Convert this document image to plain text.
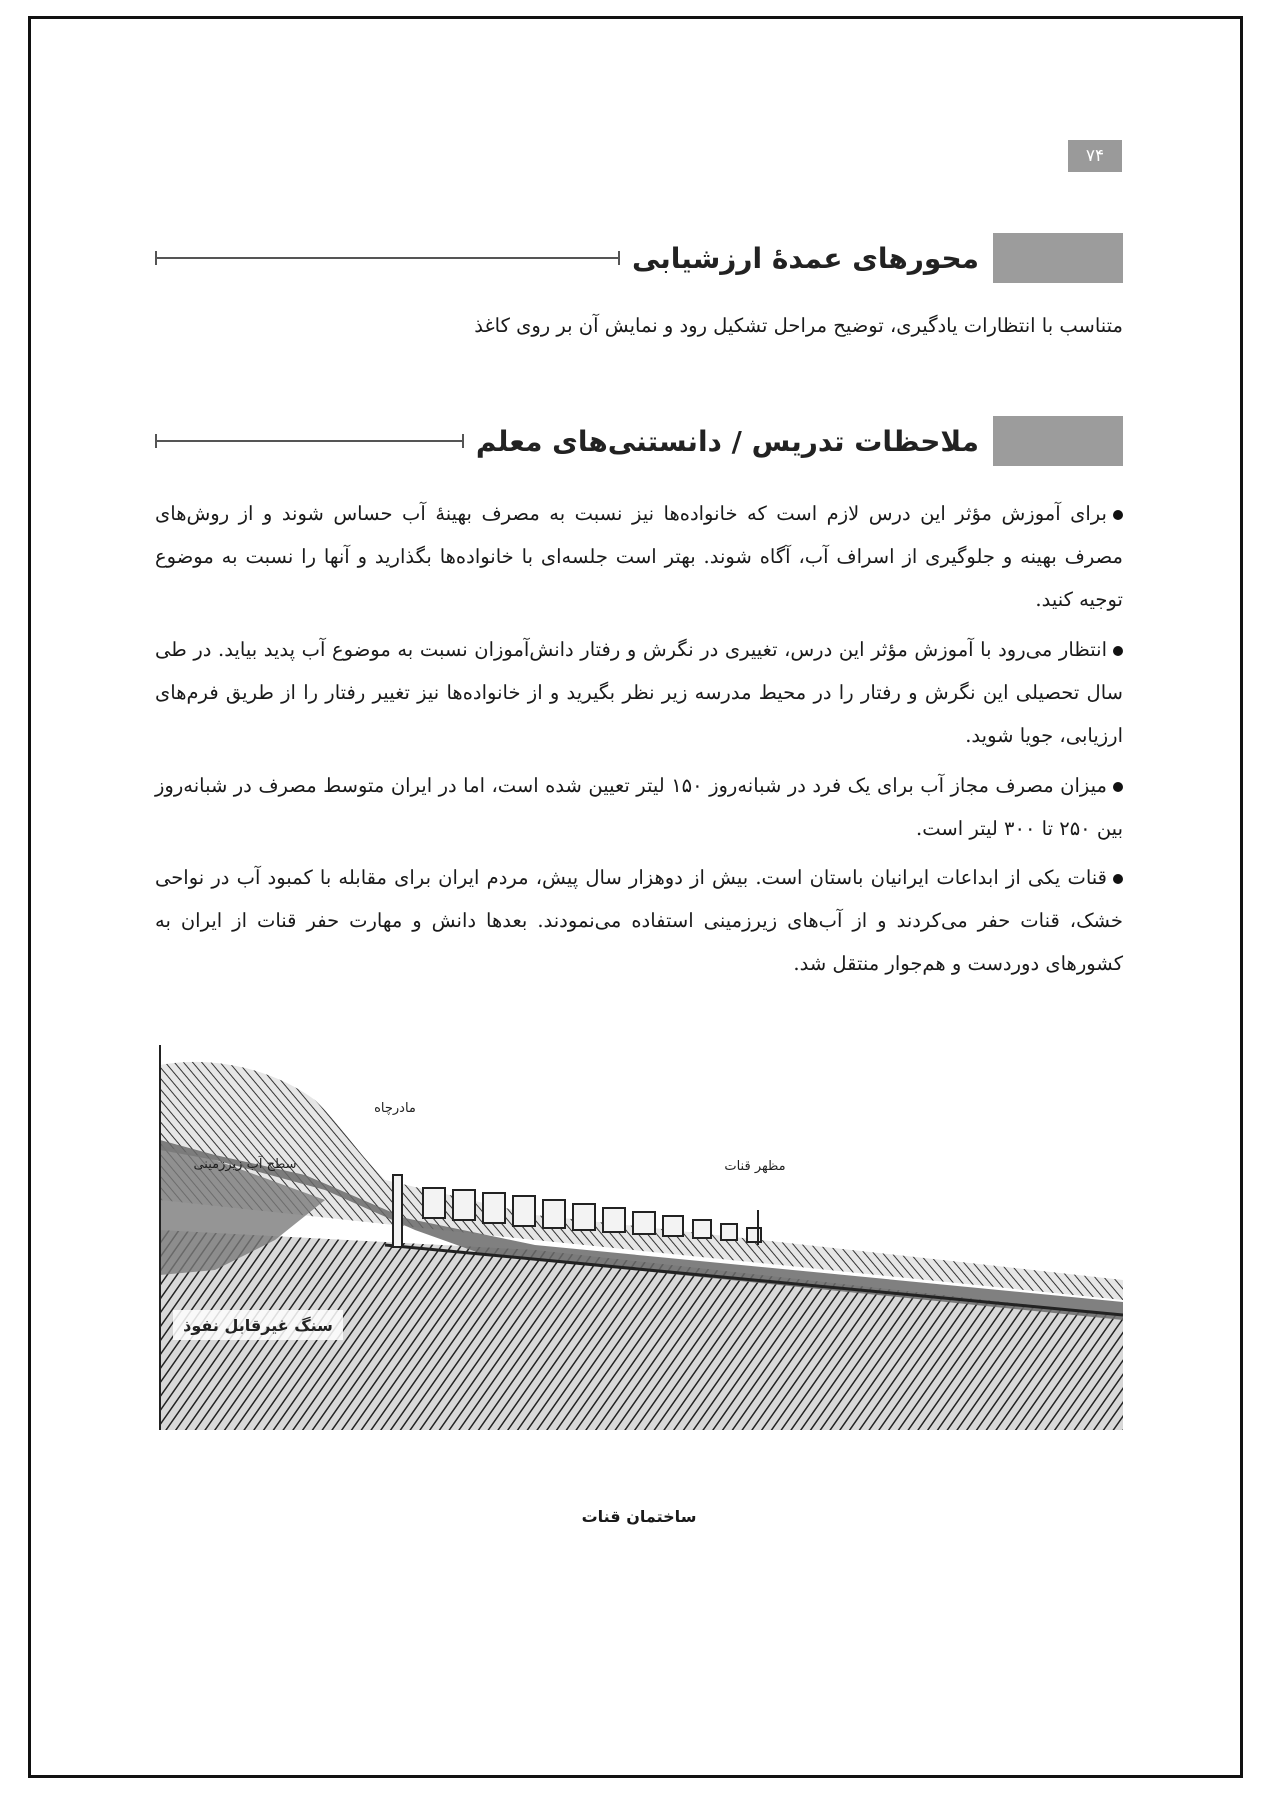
۷۴
محورهای عمدۀ ارزشیابی

متناسب با انتظارات یادگیری، توضیح مراحل تشکیل رود و نمایش آن بر روی کاغذ

ملاحظات تدریس / دانستنی‌های معلم

برای آموزش مؤثر این درس لازم است که خانواده‌ها نیز نسبت به مصرف بهینۀ آب حساس شوند و از روش‌های مصرف بهینه و جلوگیری از اسراف آب، آگاه شوند. بهتر است جلسه‌ای با خانواده‌ها بگذارید و آنها را نسبت به موضوع توجیه کنید.

انتظار می‌رود با آموزش مؤثر این درس، تغییری در نگرش و رفتار دانش‌آموزان نسبت به موضوع آب پدید بیاید. در طی سال تحصیلی این نگرش و رفتار را در محیط مدرسه زیر نظر بگیرید و از خانواده‌ها نیز تغییر رفتار را از طریق فرم‌های ارزیابی، جویا شوید.

میزان مصرف مجاز آب برای یک فرد در شبانه‌روز ۱۵۰ لیتر تعیین شده است، اما در ایران متوسط مصرف در شبانه‌روز بین ۲۵۰ تا ۳۰۰ لیتر است.

قنات یکی از ابداعات ایرانیان باستان است. بیش از دوهزار سال پیش، مردم ایران برای مقابله با کمبود آب در نواحی خشک، قنات حفر می‌کردند و از آب‌های زیرزمینی استفاده می‌نمودند. بعدها دانش و مهارت حفر قنات از ایران به کشورهای دوردست و هم‌جوار منتقل شد.

مادرچاه
سطح آب زیرزمینی	مظهر قنات
سنگ غیرقابل نفوذ
ساختمان قنات
